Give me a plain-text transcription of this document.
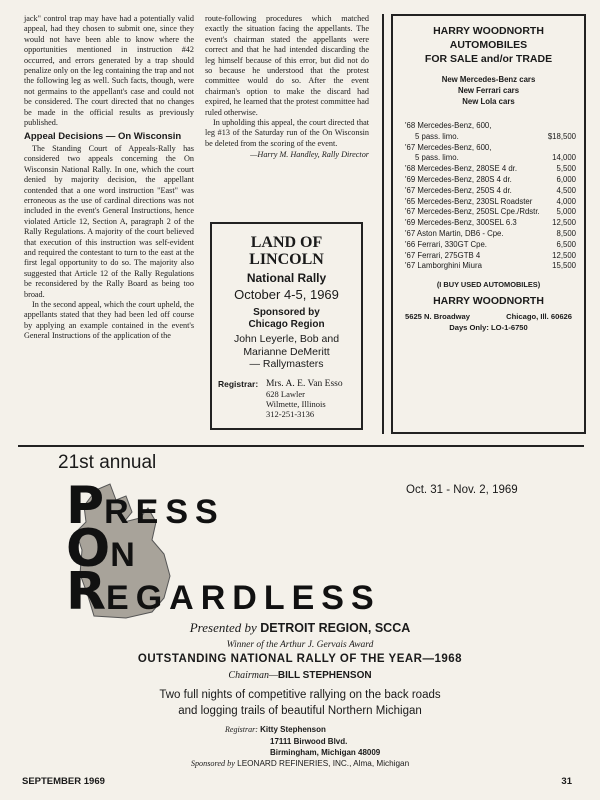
jack" control trap may have had a potentially valid appeal, had they chosen to submit one, since they would not have been able to know where the opportunities mentioned in instruction #42 occurred, and errors generated by a trap should penalize only on the leg containing the trap and not the following leg as well. Such facts, though, were not germains to the appellant's case and could not be considered. The court directed that no changes be made in the official results as previously published.

Appeal Decisions — On Wisconsin

The Standing Court of Appeals-Rally has considered two appeals concerning the On Wisconsin National Rally. In one, which the court denied by majority decision, the appellant contended that a one word instruction "East" was erroneous as the use of cardinal directions was not included in the event's General Instructions, hence violated Article 12, Section A, paragraph 2 of the Rally Regulations. A majority of the court believed that execution of this instruction was self-evident and required the contestant to turn to the east at the first legal opportunity to do so. The majority also suggested that Article 12 of the Rally Regulations be reconsidered by the Rally Board as being too broad.

In the second appeal, which the court upheld, the appellants stated that they had been led off course by applying an example contained in the event's General Instructions of the application of the

route-following procedures which matched exactly the situation facing the appellants. The event's chairman stated the appellants were correct and that he had intended discarding the leg himself because of this error, but did not do so because he understood that the protest committee would do so. After the event chairman's option to make the discard had expired, he learned that the protest committee had ruled otherwise.

In upholding this appeal, the court directed that leg #13 of the Saturday run of the On Wisconsin be deleted from the scoring of the event.

—Harry M. Handley, Rally Director
LAND OF
LINCOLN
National Rally
October 4-5, 1969
Sponsored by
Chicago Region
John Leyerle, Bob and
Marianne DeMeritt
— Rallymasters
Registrar: Mrs. A. E. Van Esso
628 Lawler
Wilmette, Illinois
312-251-3136
HARRY WOODNORTH
AUTOMOBILES
FOR SALE and/or TRADE
New Mercedes-Benz cars
New Ferrari cars
New Lola cars
'68 Mercedes-Benz, 600,
5 pass. limo.	$18,500
'67 Mercedes-Benz, 600,
5 pass. limo.	14,000
'68 Mercedes-Benz, 280SE 4 dr.	5,500
'69 Mercedes-Benz, 280S 4 dr.	6,000
'67 Mercedes-Benz, 250S 4 dr.	4,500
'65 Mercedes-Benz, 230SL Roadster	4,000
'67 Mercedes-Benz, 250SL Cpe./Rdstr. 5,000
'69 Mercedes-Benz, 300SEL 6.3	12,500
'67 Aston Martin, DB6 - Cpe.	8,500
'66 Ferrari, 330GT Cpe.	6,500
'67 Ferrari, 275GTB 4	12,500
'67 Lamborghini Miura	15,500
(I BUY USED AUTOMOBILES)
HARRY WOODNORTH
5625 N. Broadway	Chicago, Ill. 60626
Days Only: LO-1-6750
21st annual
Oct. 31 - Nov. 2, 1969
PRESS
ON
REGARDLESS
Presented by DETROIT REGION, SCCA
Winner of the Arthur J. Gervais Award
OUTSTANDING NATIONAL RALLY OF THE YEAR—1968
Chairman—BILL STEPHENSON
Two full nights of competitive rallying on the back roads
and logging trails of beautiful Northern Michigan
Registrar: Kitty Stephenson
17111 Birwood Blvd.
Birmingham, Michigan 48009
Sponsored by LEONARD REFINERIES, INC., Alma, Michigan
SEPTEMBER 1969	31
